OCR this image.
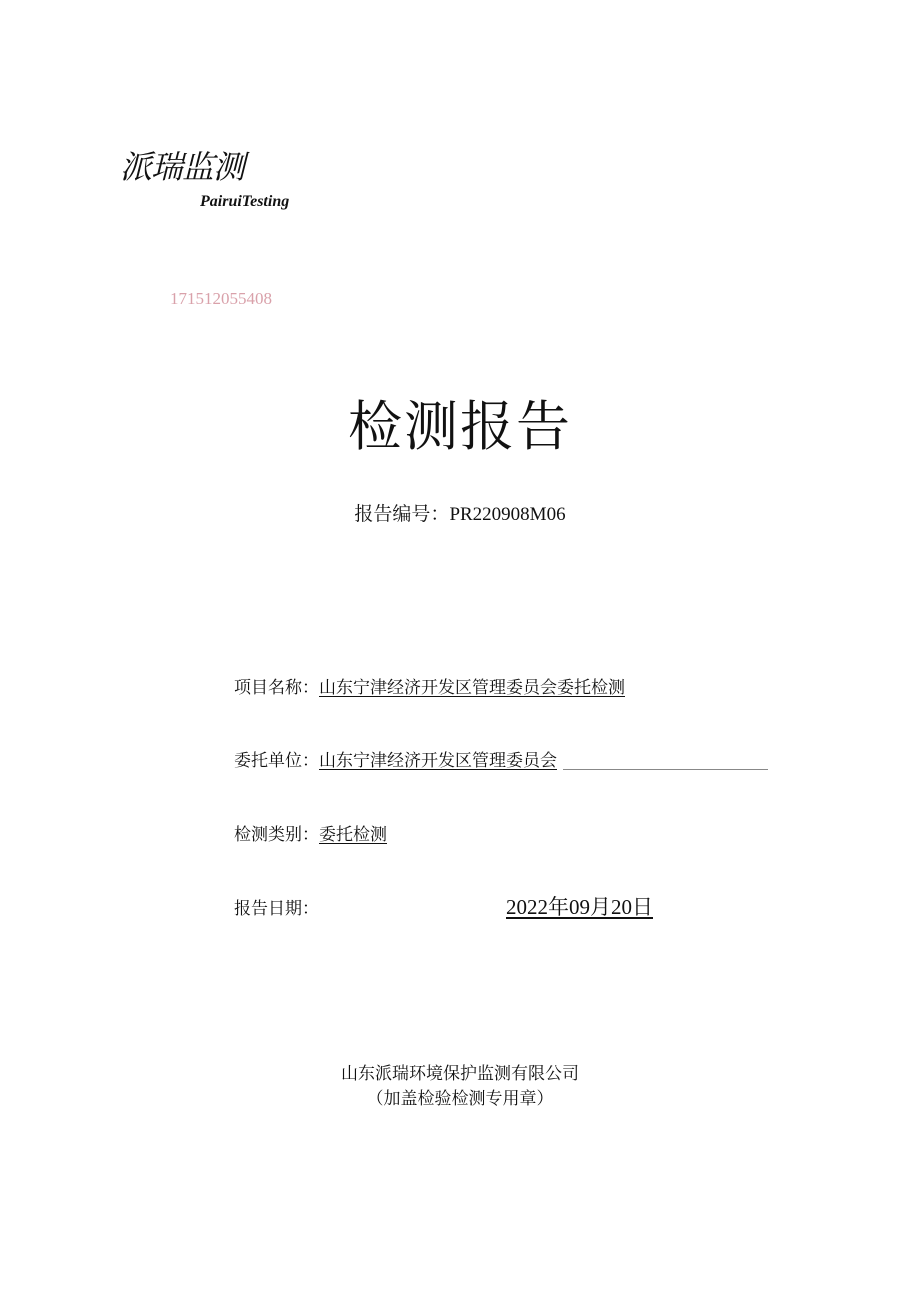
派瑞监测
PairuiTesting
171512055408
检测报告
报告编号：PR220908M06
项目名称：山东宁津经济开发区管理委员会委托检测
委托单位：山东宁津经济开发区管理委员会
检测类别：委托检测
报告日期：	2022年09月20日
山东派瑞环境保护监测有限公司
（加盖检验检测专用章）
